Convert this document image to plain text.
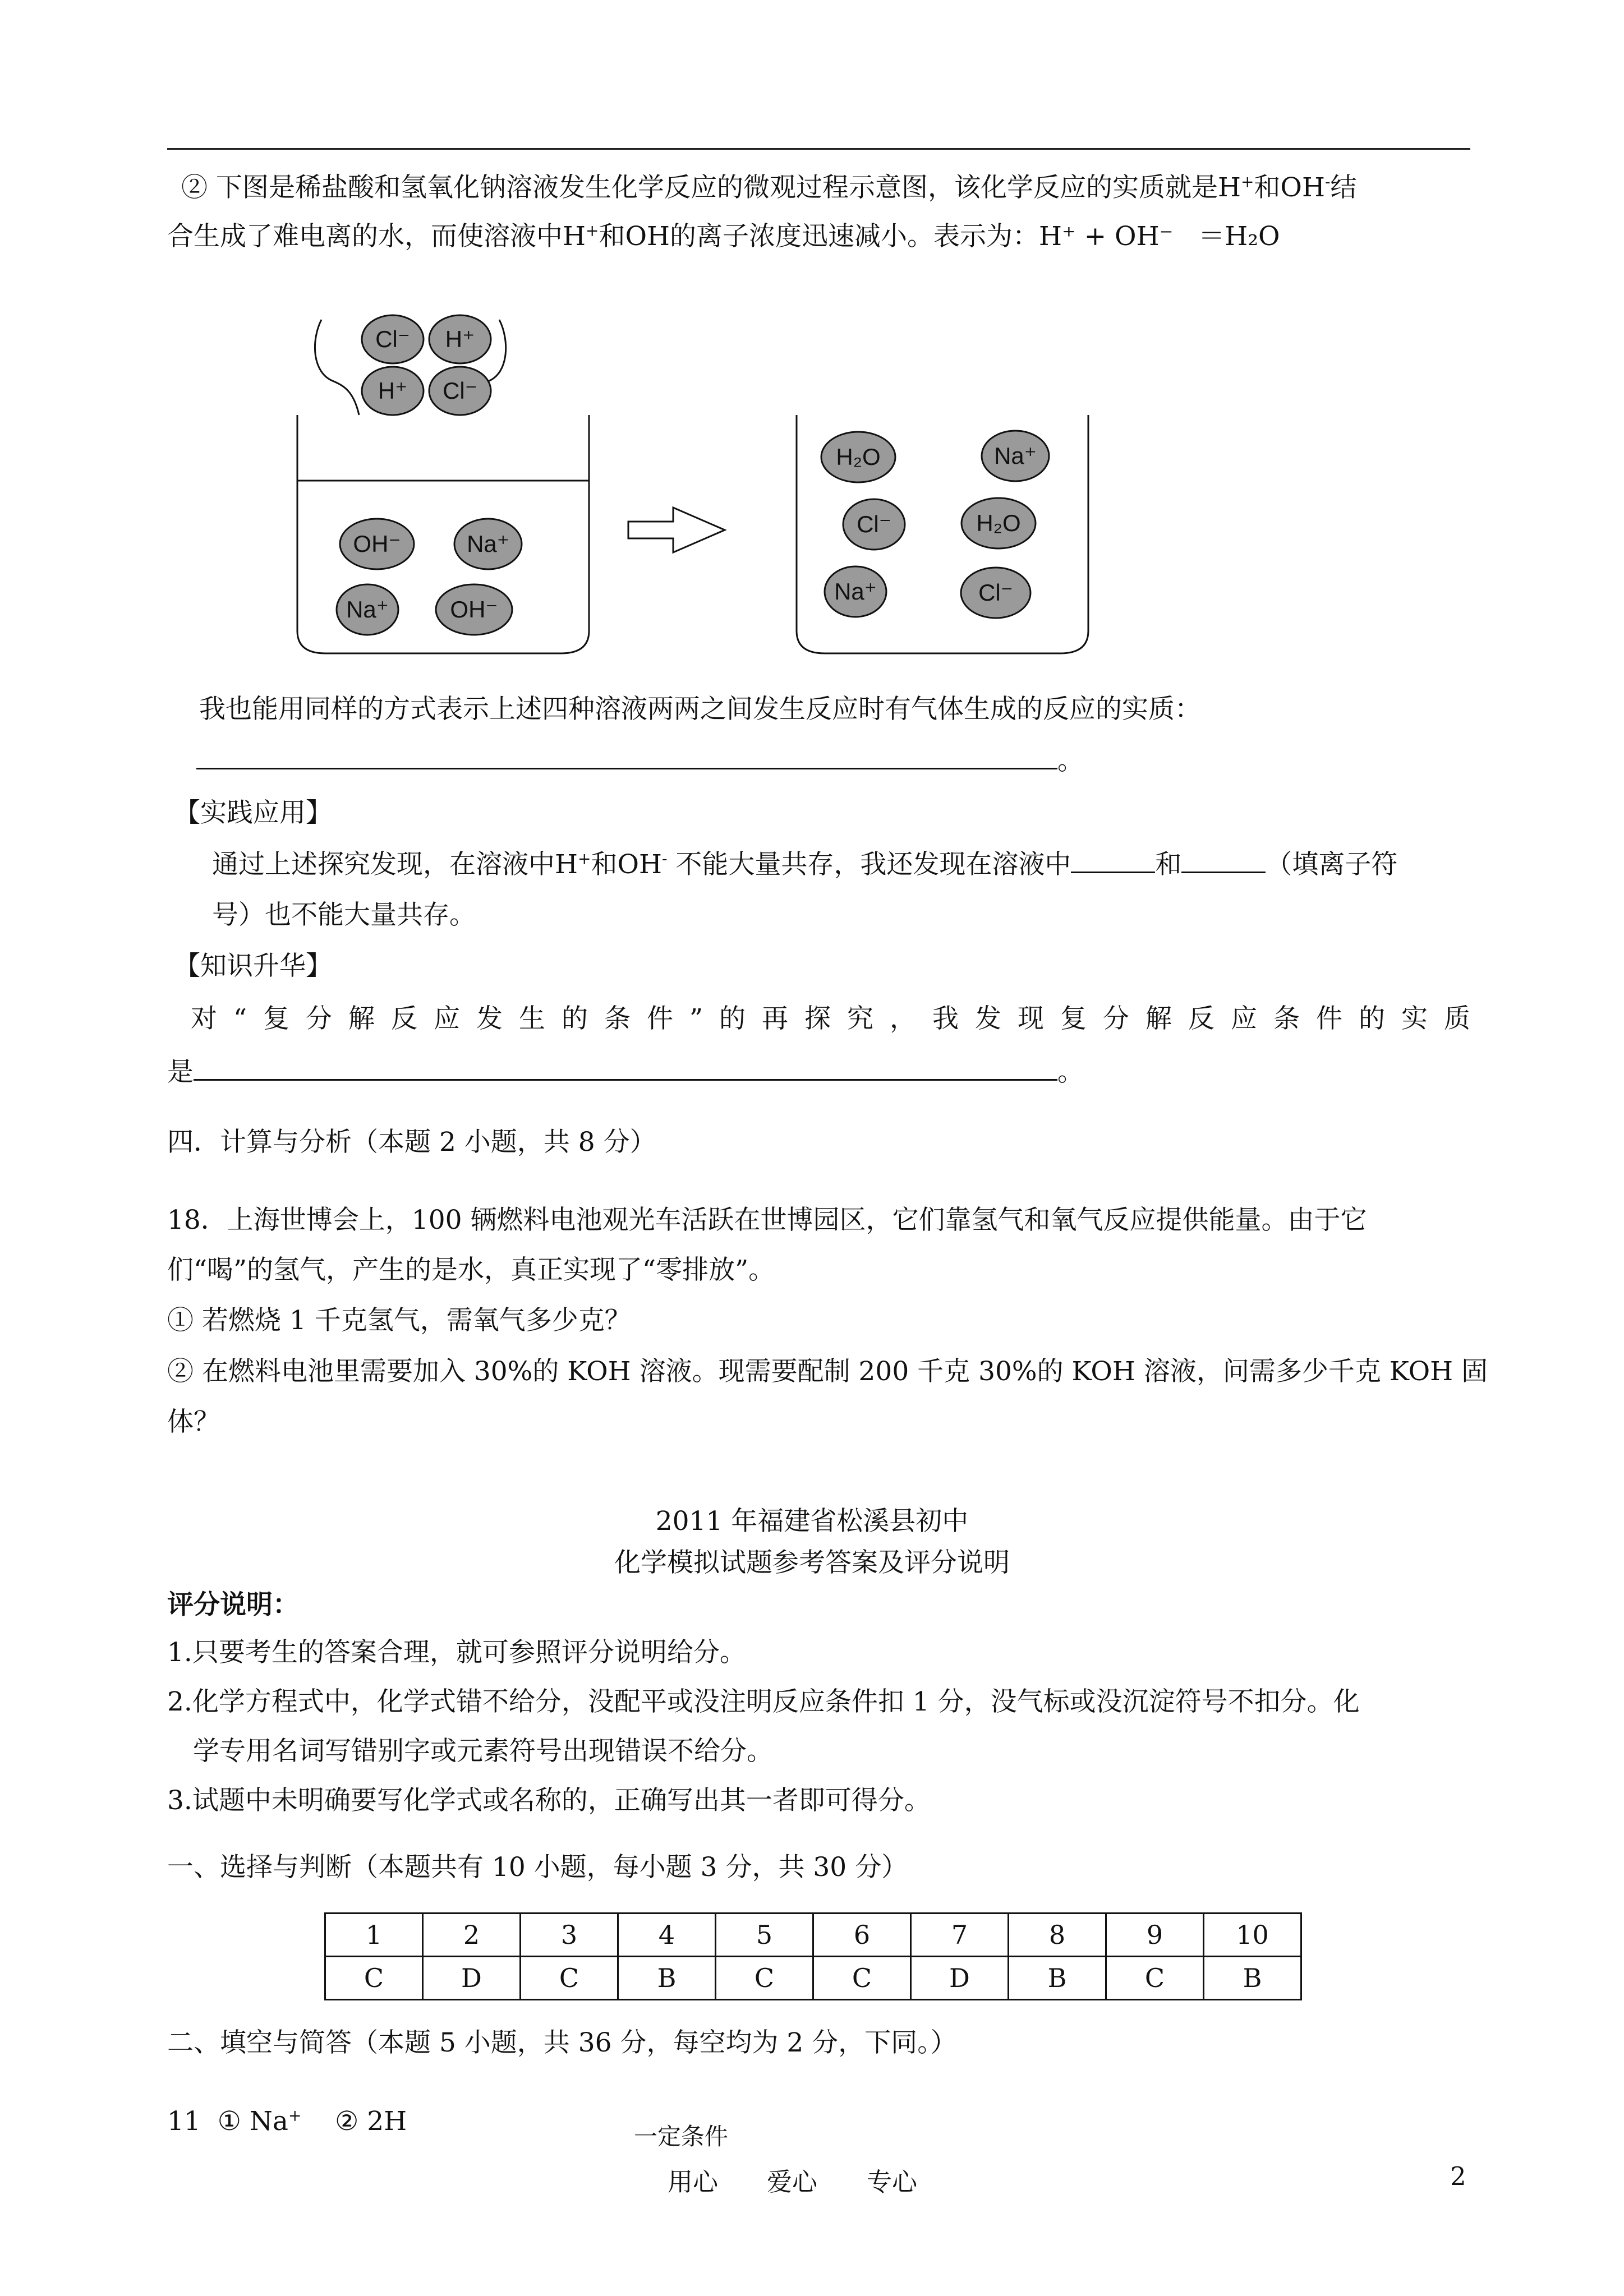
② 下图是稀盐酸和氢氧化钠溶液发生化学反应的微观过程示意图，该化学反应的实质就是H+和OH-结
合生成了难电离的水，而使溶液中H+和OH的离子浓度迅速减小。表示为：H⁺ + OH⁻ ＝H₂O
Cl⁻ H⁺
H⁺ Cl⁻
OH⁻	Na⁺
Na⁺	OH⁻
H₂O	Na⁺
Cl⁻	H₂O
Na⁺	Cl⁻
我也能用同样的方式表示上述四种溶液两两之间发生反应时有气体生成的反应的实质：
。
【实践应用】
通过上述探究发现，在溶液中H+和OH- 不能大量共存，我还发现在溶液中	和	（填离子符
号）也不能大量共存。
【知识升华】
对“复分解反应发生的条件”的再探究，我发现复分解反应条件的实质
是	。
四．计算与分析（本题 2 小题，共 8 分）
18．上海世博会上，100 辆燃料电池观光车活跃在世博园区，它们靠氢气和氧气反应提供能量。由于它
们“喝”的氢气，产生的是水，真正实现了“零排放”。
① 若燃烧 1 千克氢气，需氧气多少克？
② 在燃料电池里需要加入 30%的 KOH 溶液。现需要配制 200 千克 30%的 KOH 溶液，问需多少千克 KOH 固
体？
2011 年福建省松溪县初中
化学模拟试题参考答案及评分说明
评分说明：
1.只要考生的答案合理，就可参照评分说明给分。
2.化学方程式中，化学式错不给分，没配平或没注明反应条件扣 1 分，没气标或没沉淀符号不扣分。化
学专用名词写错别字或元素符号出现错误不给分。
3.试题中未明确要写化学式或名称的，正确写出其一者即可得分。
一、选择与判断（本题共有 10 小题，每小题 3 分，共 30 分）
1	2	3	4	5	6	7	8	9	10
C	D	C	B	C	C	D	B	C	B
二、填空与简答（本题 5 小题，共 36 分，每空均为 2 分，下同。）
11 ① Na+ ② 2H	一定条件
用心 爱心 专心	2
